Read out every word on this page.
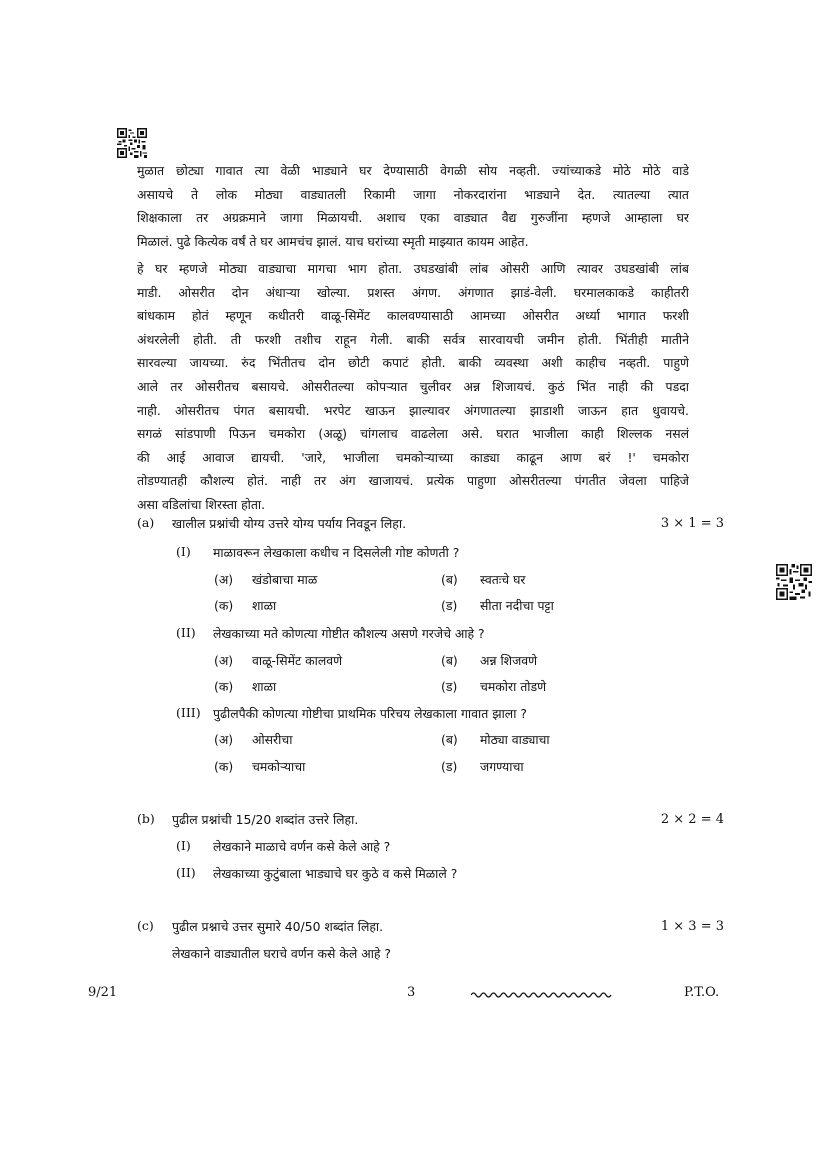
मुळात छोट्या गावात त्या वेळी भाड्याने घर देण्यासाठी वेगळी सोय नव्हती. ज्यांच्याकडे मोठे मोठे वाडे
असायचे ते लोक मोठ्या वाड्यातली रिकामी जागा नोकरदारांना भाड्याने देत. त्यातल्या त्यात
शिक्षकाला तर अग्रक्रमाने जागा मिळायची. अशाच एका वाड्यात वैद्य गुरुजींना म्हणजे आम्हाला घर
मिळालं. पुढे कित्येक वर्षं ते घर आमचंच झालं. याच घरांच्या स्मृती माझ्यात कायम आहेत.
हे घर म्हणजे मोठ्या वाड्याचा मागचा भाग होता. उघडखांबी लांब ओसरी आणि त्यावर उघडखांबी लांब
माडी. ओसरीत दोन अंधाऱ्या खोल्या. प्रशस्त अंगण. अंगणात झाडं-वेली. घरमालकाकडे काहीतरी
बांधकाम होतं म्हणून कधीतरी वाळू-सिमेंट कालवण्यासाठी आमच्या ओसरीत अर्ध्या भागात फरशी
अंथरलेली होती. ती फरशी तशीच राहून गेली. बाकी सर्वत्र सारवायची जमीन होती. भिंतीही मातीने
सारवल्या जायच्या. रुंद भिंतीतच दोन छोटी कपाटं होती. बाकी व्यवस्था अशी काहीच नव्हती. पाहुणे
आले तर ओसरीतच बसायचे. ओसरीतल्या कोपऱ्यात चुलीवर अन्न शिजायचं. कुठं भिंत नाही की पडदा
नाही. ओसरीतच पंगत बसायची. भरपेट खाऊन झाल्यावर अंगणातल्या झाडाशी जाऊन हात धुवायचे.
सगळं सांडपाणी पिऊन चमकोरा (अळू) चांगलाच वाढलेला असे. घरात भाजीला काही शिल्लक नसलं
की आई आवाज द्यायची. 'जारे, भाजीला चमकोऱ्याच्या काड्या काढून आण बरं !' चमकोरा
तोडण्यातही कौशल्य होतं. नाही तर अंग खाजायचं. प्रत्येक पाहुणा ओसरीतल्या पंगतीत जेवला पाहिजे
असा वडिलांचा शिरस्ता होता.
(a) खालील प्रश्नांची योग्य उत्तरे योग्य पर्याय निवडून लिहा.	3 × 1 = 3
(I) माळावरून लेखकाला कधीच न दिसलेली गोष्ट कोणती ?
(अ) खंडोबाचा माळ	(ब) स्वतःचे घर
(क) शाळा	(ड) सीता नदीचा पट्टा
(II) लेखकाच्या मते कोणत्या गोष्टीत कौशल्य असणे गरजेचे आहे ?
(अ) वाळू-सिमेंट कालवणे	(ब) अन्न शिजवणे
(क) शाळा	(ड) चमकोरा तोडणे
(III) पुढीलपैकी कोणत्या गोष्टीचा प्राथमिक परिचय लेखकाला गावात झाला ?
(अ) ओसरीचा	(ब) मोठ्या वाड्याचा
(क) चमकोऱ्याचा	(ड) जगण्याचा
(b) पुढील प्रश्नांची 15/20 शब्दांत उत्तरे लिहा.	2 × 2 = 4
(I) लेखकाने माळाचे वर्णन कसे केले आहे ?
(II) लेखकाच्या कुटुंबाला भाड्याचे घर कुठे व कसे मिळाले ?
(c) पुढील प्रश्नाचे उत्तर सुमारे 40/50 शब्दांत लिहा.	1 × 3 = 3
लेखकाने वाड्यातील घराचे वर्णन कसे केले आहे ?
9/21	3	P.T.O.
